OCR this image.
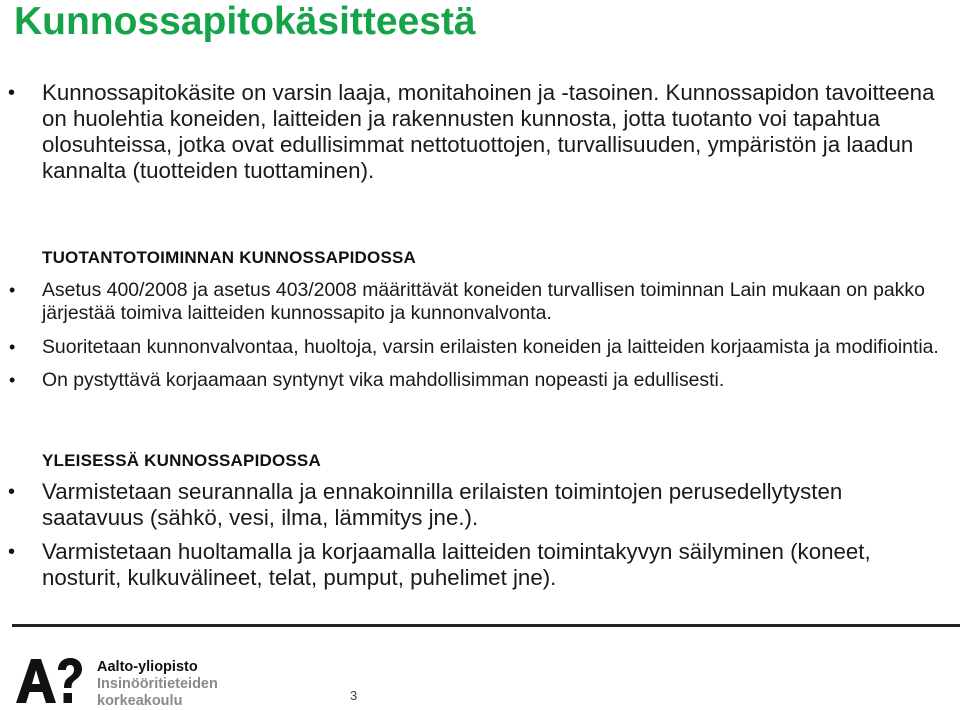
Kunnossapitokäsitteestä
• Kunnossapitokäsite on varsin laaja, monitahoinen ja -tasoinen. Kunnossapidon tavoitteena on huolehtia koneiden, laitteiden ja rakennusten kunnosta, jotta tuotanto voi tapahtua olosuhteissa, jotka ovat edullisimmat nettotuottojen, turvallisuuden, ympäristön ja laadun kannalta (tuotteiden tuottaminen).
TUOTANTOTOIMINNAN KUNNOSSAPIDOSSA
• Asetus 400/2008 ja asetus 403/2008 määrittävät koneiden turvallisen toiminnan Lain mukaan on pakko järjestää toimiva laitteiden kunnossapito ja kunnonvalvonta.
• Suoritetaan kunnonvalvontaa, huoltoja, varsin erilaisten koneiden ja laitteiden korjaamista ja modifiointia.
• On pystyttävä korjaamaan syntynyt vika mahdollisimman nopeasti ja edullisesti.
YLEISESSÄ KUNNOSSAPIDOSSA
• Varmistetaan seurannalla ja ennakoinnilla erilaisten toimintojen perusedellytysten saatavuus (sähkö, vesi, ilma, lämmitys jne.).
• Varmistetaan huoltamalla ja korjaamalla laitteiden toimintakyvyn säilyminen (koneet, nosturit, kulkuvälineet, telat, pumput, puhelimet jne).
Aalto-yliopisto
Insinööritieteiden
korkeakoulu	3
